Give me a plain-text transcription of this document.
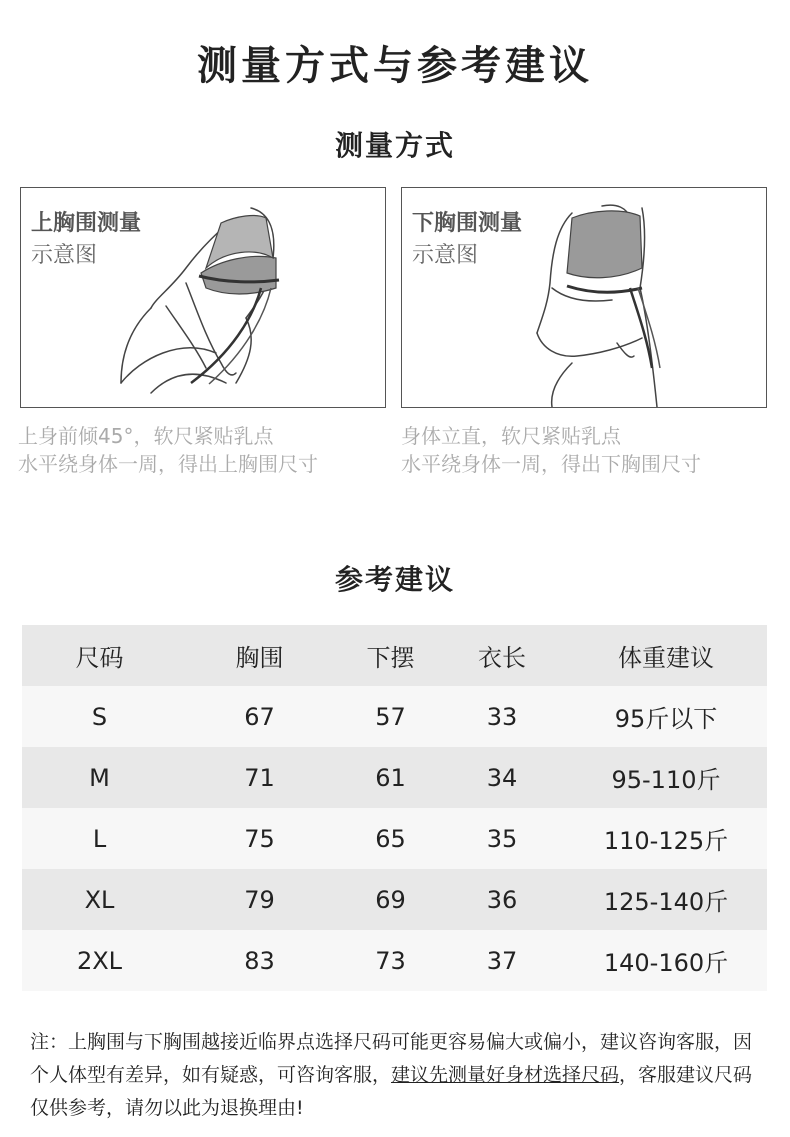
测量方式与参考建议
测量方式
上胸围测量
示意图
下胸围测量
示意图
上身前倾45°，软尺紧贴乳点
水平绕身体一周，得出上胸围尺寸
身体立直，软尺紧贴乳点
水平绕身体一周，得出下胸围尺寸
参考建议
尺码	胸围	下摆	衣长	体重建议
S	67	57	33	95斤以下
M	71	61	34	95-110斤
L	75	65	35	110-125斤
XL	79	69	36	125-140斤
2XL	83	73	37	140-160斤
注：上胸围与下胸围越接近临界点选择尺码可能更容易偏大或偏小，建议咨询客服，因个人体型有差异，如有疑惑，可咨询客服，建议先测量好身材选择尺码，客服建议尺码仅供参考，请勿以此为退换理由!
